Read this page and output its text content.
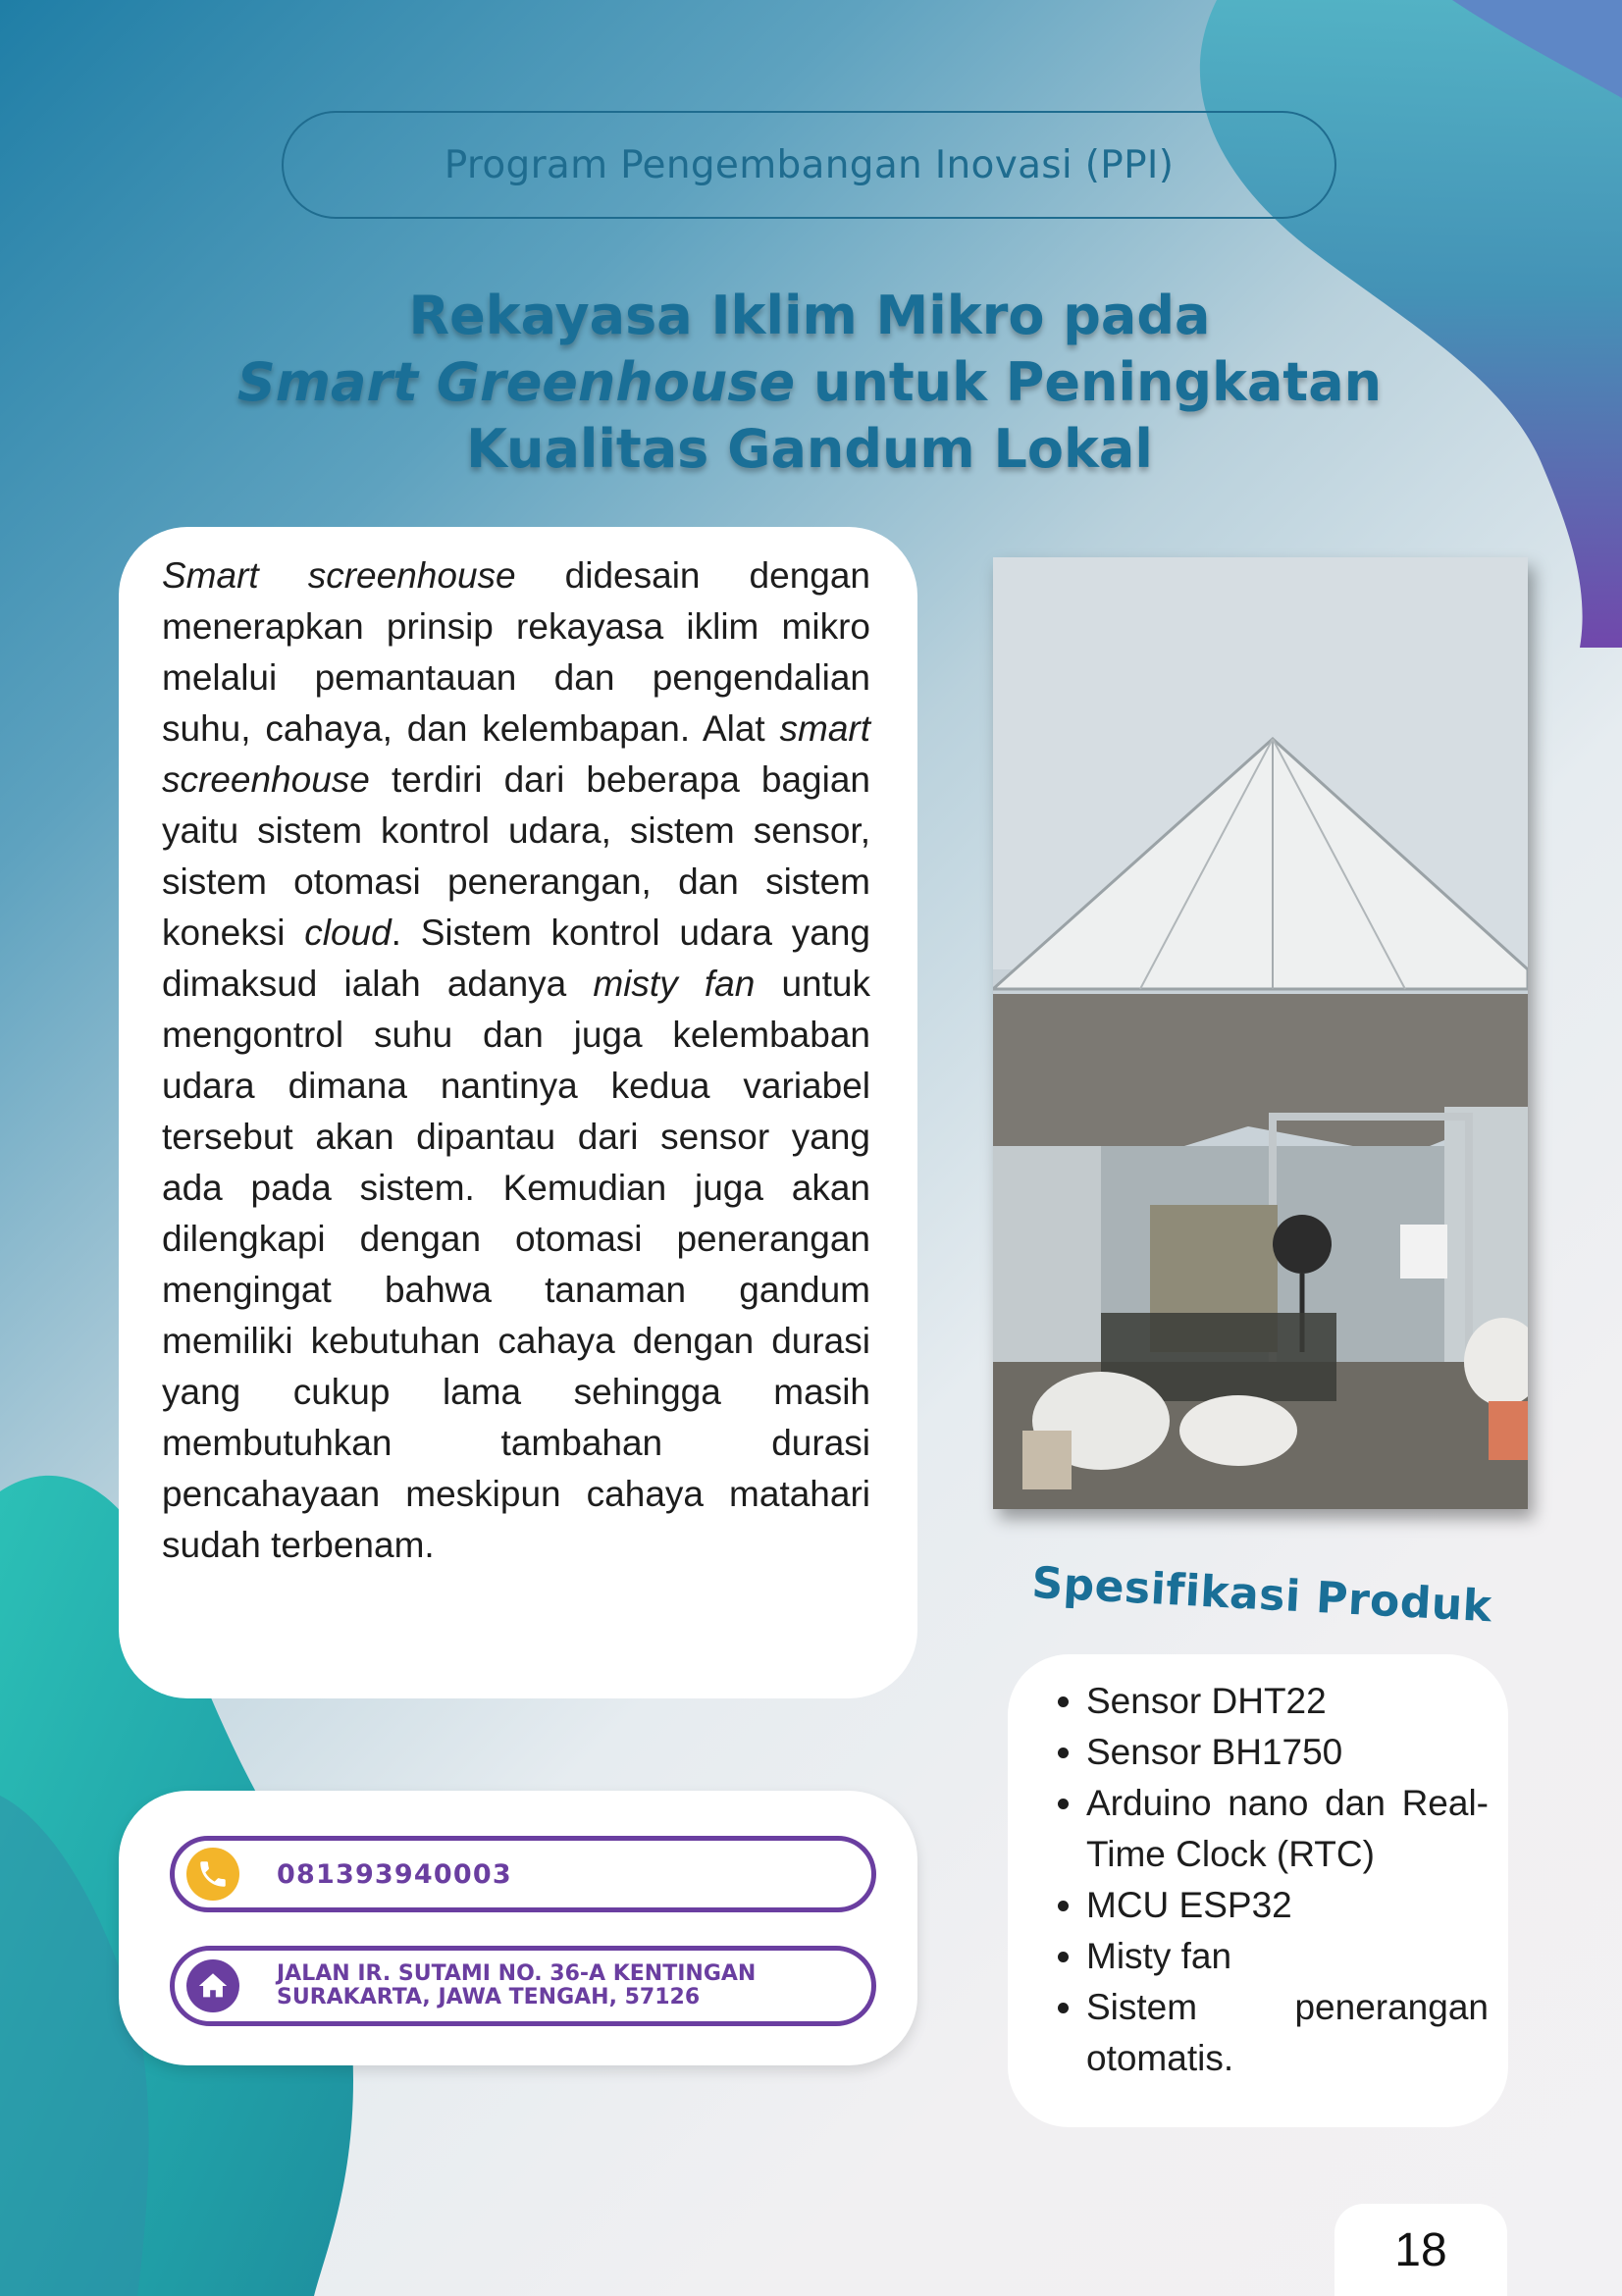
Program Pengembangan Inovasi (PPI)
Rekayasa Iklim Mikro pada
Smart Greenhouse untuk Peningkatan
Kualitas Gandum Lokal

Smart screenhouse didesain dengan menerapkan prinsip rekayasa iklim mikro melalui pemantauan dan pengendalian suhu, cahaya, dan kelembapan. Alat smart screenhouse terdiri dari beberapa bagian yaitu sistem kontrol udara, sistem sensor, sistem otomasi penerangan, dan sistem koneksi cloud. Sistem kontrol udara yang dimaksud ialah adanya misty fan untuk mengontrol suhu dan juga kelembaban udara dimana nantinya kedua variabel tersebut akan dipantau dari sensor yang ada pada sistem. Kemudian juga akan dilengkapi dengan otomasi penerangan mengingat bahwa tanaman gandum memiliki kebutuhan cahaya dengan durasi yang cukup lama sehingga masih membutuhkan tambahan durasi pencahayaan meskipun cahaya matahari sudah terbenam.

Spesifikasi Produk
• Sensor DHT22
• Sensor BH1750
• Arduino nano dan Real-Time Clock (RTC)
• MCU ESP32
• Misty fan
• Sistem penerangan otomatis.
081393940003
JALAN IR. SUTAMI NO. 36-A KENTINGAN
SURAKARTA, JAWA TENGAH, 57126
18
